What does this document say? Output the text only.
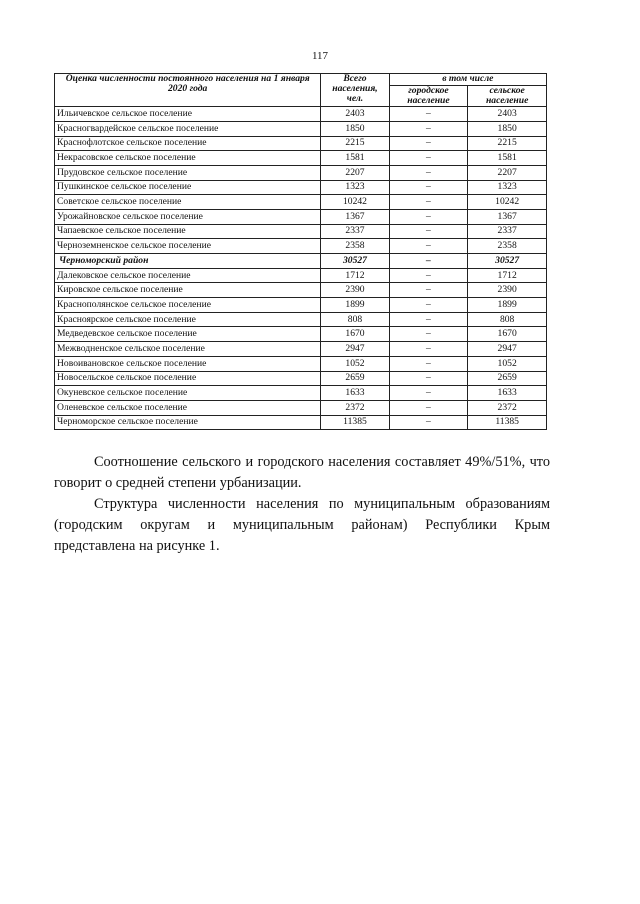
117
Оценка численности постоянного населения на 1 января 2020 года	Всего населения, чел.	в том числе	
		городское население	сельское население
Ильичевское сельское поселение	2403	–	2403
Красногвардейское сельское поселение	1850	–	1850
Краснофлотское сельское поселение	2215	–	2215
Некрасовское сельское поселение	1581	–	1581
Прудовское сельское поселение	2207	–	2207
Пушкинское сельское поселение	1323	–	1323
Советское сельское поселение	10242	–	10242
Урожайновское сельское поселение	1367	–	1367
Чапаевское сельское поселение	2337	–	2337
Черноземненское сельское поселение	2358	–	2358
Черноморский район	30527	–	30527
Далековское сельское поселение	1712	–	1712
Кировское сельское поселение	2390	–	2390
Краснополянское сельское поселение	1899	–	1899
Красноярское сельское поселение	808	–	808
Медведевское сельское поселение	1670	–	1670
Межводненское сельское поселение	2947	–	2947
Новоивановское сельское поселение	1052	–	1052
Новосельское сельское поселение	2659	–	2659
Окуневское сельское поселение	1633	–	1633
Оленевское сельское поселение	2372	–	2372
Черноморское сельское поселение	11385	–	11385

Соотношение сельского и городского населения составляет 49%/51%, что говорит о средней степени урбанизации.

Структура численности населения по муниципальным образованиям (городским округам и муниципальным районам) Республики Крым представлена на рисунке 1.
